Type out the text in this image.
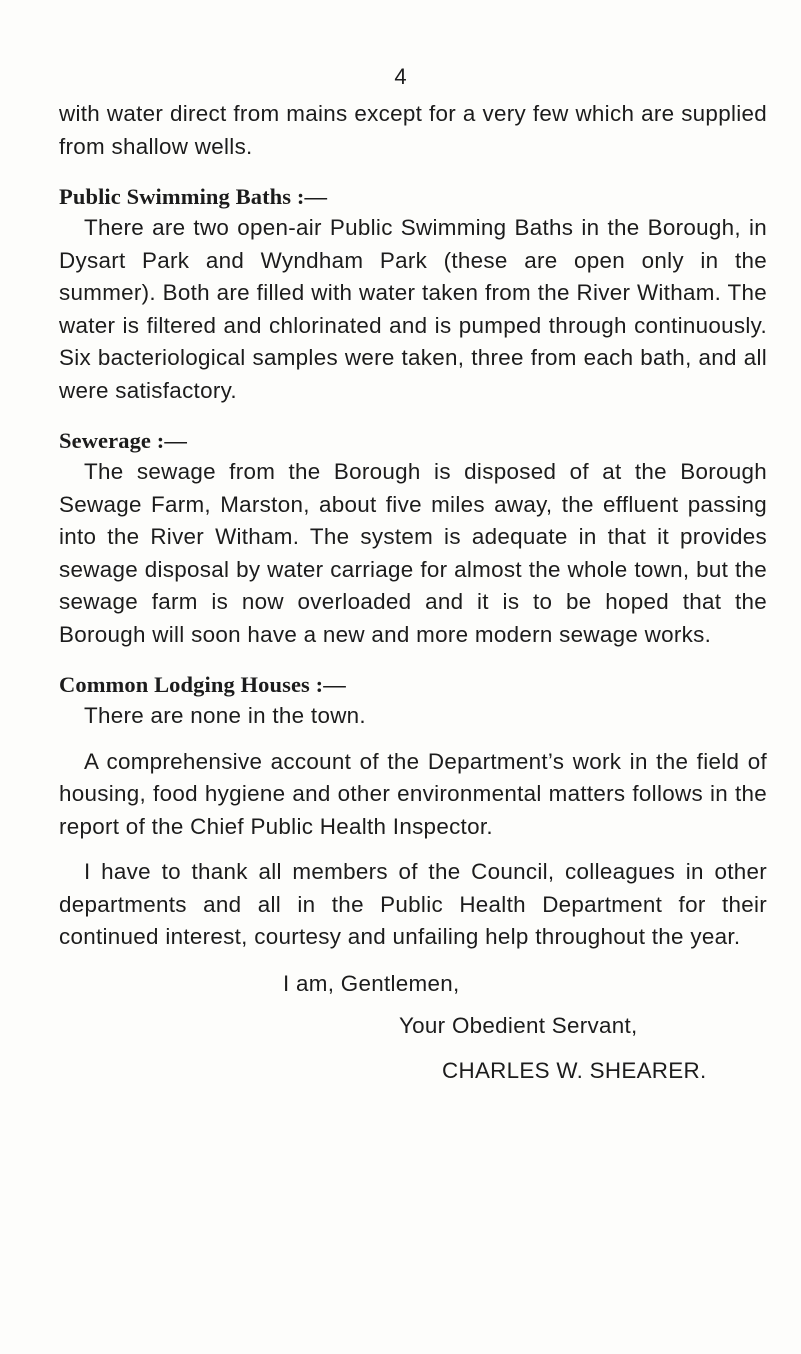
4

with water direct from mains except for a very few which are supplied from shallow wells.

Public Swimming Baths :—

There are two open-air Public Swimming Baths in the Borough, in Dysart Park and Wyndham Park (these are open only in the summer). Both are filled with water taken from the River Witham. The water is filtered and chlorinated and is pumped through continuously. Six bacteriological samples were taken, three from each bath, and all were satisfactory.

Sewerage :—

The sewage from the Borough is disposed of at the Borough Sewage Farm, Marston, about five miles away, the effluent passing into the River Witham. The system is adequate in that it provides sewage disposal by water carriage for almost the whole town, but the sewage farm is now overloaded and it is to be hoped that the Borough will soon have a new and more modern sewage works.

Common Lodging Houses :—

There are none in the town.

A comprehensive account of the Department’s work in the field of housing, food hygiene and other environmental matters follows in the report of the Chief Public Health Inspector.

I have to thank all members of the Council, colleagues in other departments and all in the Public Health Department for their continued interest, courtesy and unfailing help throughout the year.

I am, Gentlemen,
Your Obedient Servant,
CHARLES W. SHEARER.
